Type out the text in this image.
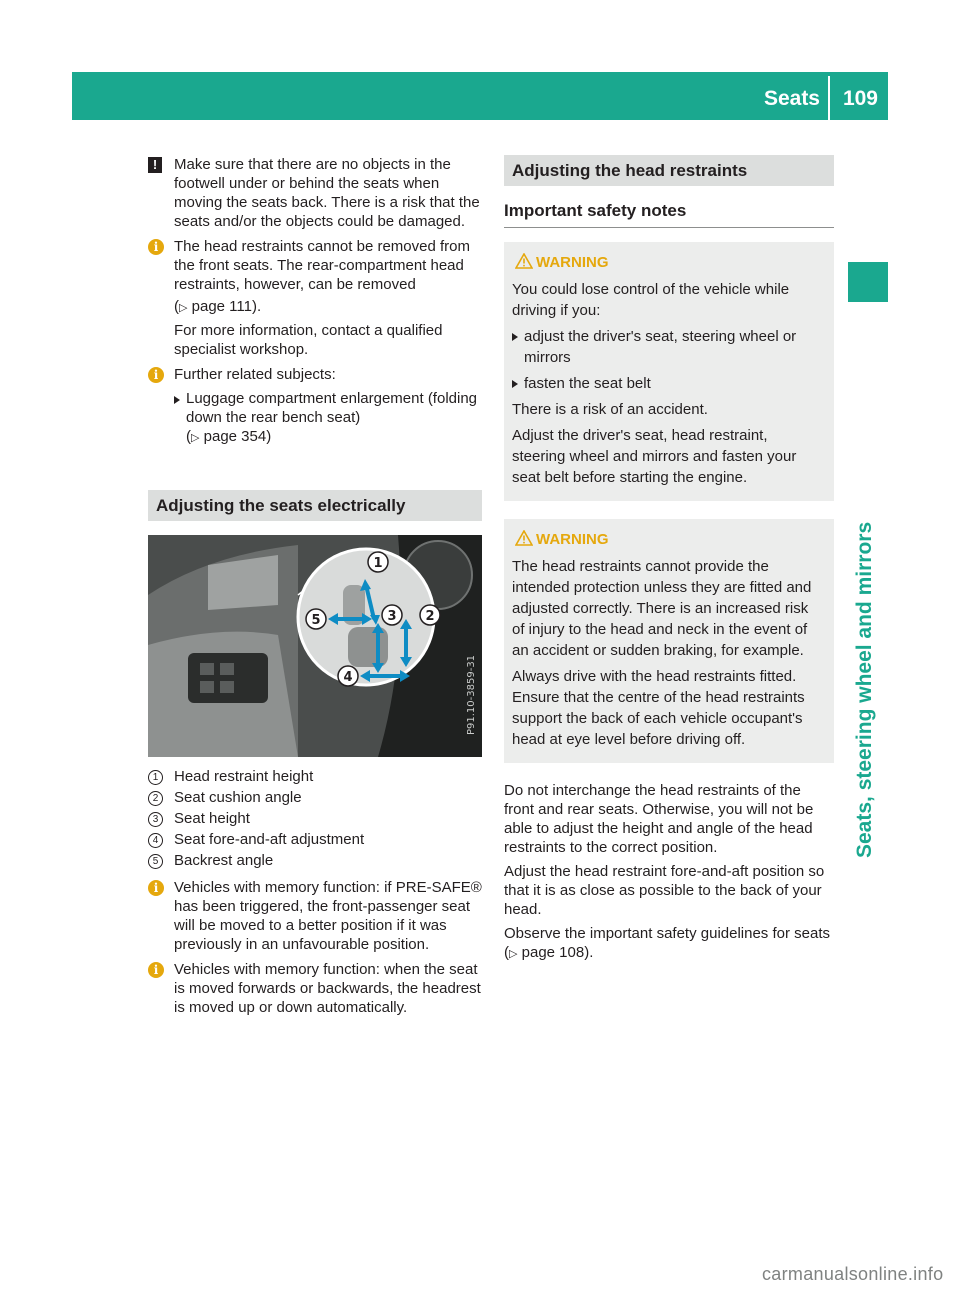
Seats 109
Seats, steering wheel and mirrors
!	Make sure that there are no objects in the footwell under or behind the seats when moving the seats back. There is a risk that the seats and/or the objects could be damaged.

i	The head restraints cannot be removed from the front seats. The rear-compartment head restraints, however, can be removed

(▷ page 111).

For more information, contact a qualified specialist workshop.

i	Further related subjects:

Luggage compartment enlargement (folding down the rear bench seat)
(▷ page 354)
Adjusting the seats electrically
1
2
3
4
5
P91.10-3859-31
1	Head restraint height
2	Seat cushion angle
3	Seat height
4	Seat fore-and-aft adjustment
5	Backrest angle
i	Vehicles with memory function: if PRE-SAFE® has been triggered, the front-passenger seat will be moved to a better position if it was previously in an unfavourable position.

i	Vehicles with memory function: when the seat is moved forwards or backwards, the headrest is moved up or down automatically.

Adjusting the head restraints
Important safety notes
WARNING

You could lose control of the vehicle while driving if you:

adjust the driver's seat, steering wheel or mirrors
fasten the seat belt

There is a risk of an accident.

Adjust the driver's seat, head restraint, steering wheel and mirrors and fasten your seat belt before starting the engine.

WARNING

The head restraints cannot provide the intended protection unless they are fitted and adjusted correctly. There is an increased risk of injury to the head and neck in the event of an accident or sudden braking, for example.

Always drive with the head restraints fitted. Ensure that the centre of the head restraints support the back of each vehicle occupant's head at eye level before driving off.

Do not interchange the head restraints of the front and rear seats. Otherwise, you will not be able to adjust the height and angle of the head restraints to the correct position.

Adjust the head restraint fore-and-aft position so that it is as close as possible to the back of your head.

Observe the important safety guidelines for seats (▷ page 108).

carmanualsonline.info
